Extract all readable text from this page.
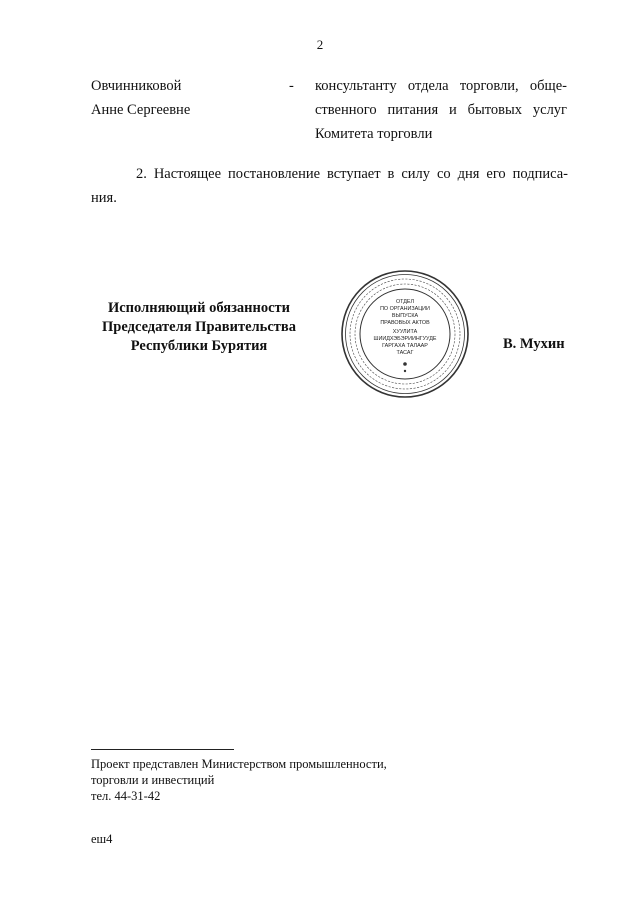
2
Овчинниковой
Анне Сергеевне
- консультанту отдела торговли, обще-
ственного питания и бытовых услуг
Комитета торговли
2. Настоящее постановление вступает в силу со дня его подписа-
ния.
Исполняющий обязанности
Председателя Правительства
Республики Бурятия
ОТДЕЛ
ПО ОРГАНИЗАЦИИ
ВЫПУСКА
ПРАВОВЫХ АКТОВ
ХУУЛИТА
ШИИДХЭБЭРИИНГУУДЕ
ГАРГАХА ТАЛААР
ТАСАГ
В. Мухин
Проект представлен Министерством промышленности,
торговли и инвестиций
тел. 44-31-42
eш4
